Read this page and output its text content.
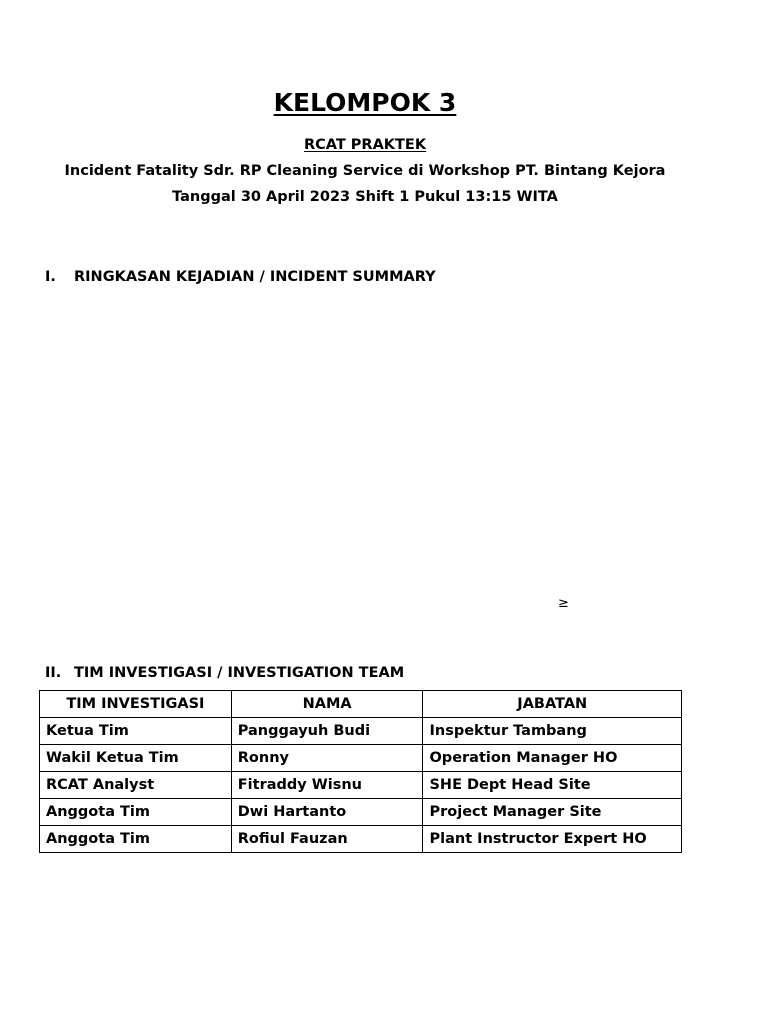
KELOMPOK 3
RCAT PRAKTEK
Incident Fatality Sdr. RP Cleaning Service di Workshop PT. Bintang Kejora
Tanggal 30 April 2023 Shift 1 Pukul 13:15 WITA
I. RINGKASAN KEJADIAN / INCIDENT SUMMARY
≥
II. TIM INVESTIGASI / INVESTIGATION TEAM
TIM INVESTIGASI	NAMA	JABATAN
Ketua Tim	Panggayuh Budi	Inspektur Tambang
Wakil Ketua Tim	Ronny	Operation Manager HO
RCAT Analyst	Fitraddy Wisnu	SHE Dept Head Site
Anggota Tim	Dwi Hartanto	Project Manager Site
Anggota Tim	Rofiul Fauzan	Plant Instructor Expert HO
